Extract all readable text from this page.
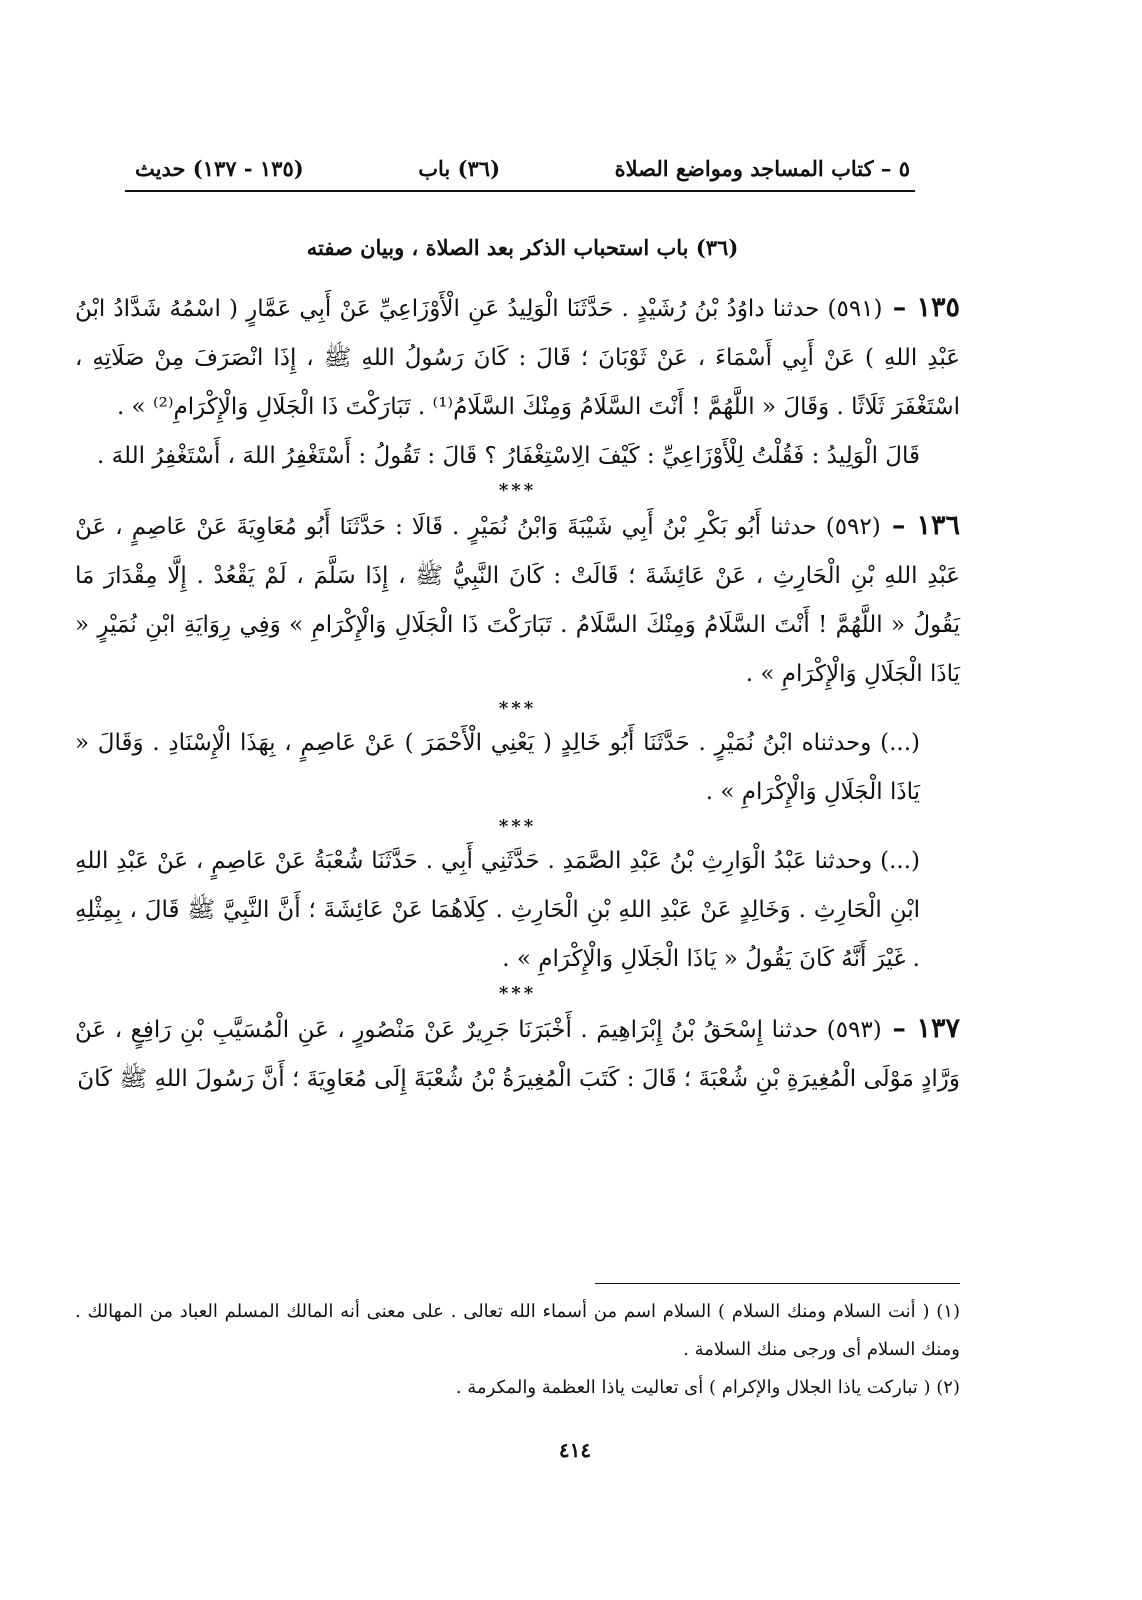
٥ – كتاب المساجد ومواضع الصلاة
(٣٦) باب
(١٣٥ - ١٣٧) حديث
(٣٦) باب استحباب الذكر بعد الصلاة ، وبيان صفته

١٣٥ – (٥٩١) حدثنا داوُدُ بْنُ رُشَيْدٍ . حَدَّثَنَا الْوَلِيدُ عَنِ الْأَوْزَاعِيِّ عَنْ أَبِي عَمَّارٍ ( اسْمُهُ شَدَّادُ ابْنُ عَبْدِ اللهِ ) عَنْ أَبِي أَسْمَاءَ ، عَنْ ثَوْبَانَ ؛ قَالَ : كَانَ رَسُولُ اللهِ ﷺ ، إِذَا انْصَرَفَ مِنْ صَلَاتِهِ ، اسْتَغْفَرَ ثَلَاثًا . وَقَالَ « اللَّهُمَّ ! أَنْتَ السَّلَامُ وَمِنْكَ السَّلَامُ⁽¹⁾ . تَبَارَكْتَ ذَا الْجَلَالِ وَالْإِكْرَامِ⁽²⁾ » .

قَالَ الْوَلِيدُ : فَقُلْتُ لِلْأَوْزَاعِيِّ : كَيْفَ الِاسْتِغْفَارُ ؟ قَالَ : تَقُولُ : أَسْتَغْفِرُ اللهَ ، أَسْتَغْفِرُ اللهَ .

***

١٣٦ – (٥٩٢) حدثنا أَبُو بَكْرِ بْنُ أَبِي شَيْبَةَ وَابْنُ نُمَيْرٍ . قَالَا : حَدَّثَنَا أَبُو مُعَاوِيَةَ عَنْ عَاصِمٍ ، عَنْ عَبْدِ اللهِ بْنِ الْحَارِثِ ، عَنْ عَائِشَةَ ؛ قَالَتْ : كَانَ النَّبِيُّ ﷺ ، إِذَا سَلَّمَ ، لَمْ يَقْعُدْ . إِلَّا مِقْدَارَ مَا يَقُولُ « اللَّهُمَّ ! أَنْتَ السَّلَامُ وَمِنْكَ السَّلَامُ . تَبَارَكْتَ ذَا الْجَلَالِ وَالْإِكْرَامِ » وَفِي رِوَايَةِ ابْنِ نُمَيْرٍ « يَاذَا الْجَلَالِ وَالْإِكْرَامِ » .

***

(...) وحدثناه ابْنُ نُمَيْرٍ . حَدَّثَنَا أَبُو خَالِدٍ ( يَعْنِي الْأَحْمَرَ ) عَنْ عَاصِمٍ ، بِهَذَا الْإِسْنَادِ . وَقَالَ « يَاذَا الْجَلَالِ وَالْإِكْرَامِ » .

***

(...) وحدثنا عَبْدُ الْوَارِثِ بْنُ عَبْدِ الصَّمَدِ . حَدَّثَنِي أَبِي . حَدَّثَنَا شُعْبَةُ عَنْ عَاصِمٍ ، عَنْ عَبْدِ اللهِ ابْنِ الْحَارِثِ . وَخَالِدٍ عَنْ عَبْدِ اللهِ بْنِ الْحَارِثِ . كِلَاهُمَا عَنْ عَائِشَةَ ؛ أَنَّ النَّبِيَّ ﷺ قَالَ ، بِمِثْلِهِ . غَيْرَ أَنَّهُ كَانَ يَقُولُ « يَاذَا الْجَلَالِ وَالْإِكْرَامِ » .

***

١٣٧ – (٥٩٣) حدثنا إِسْحَقُ بْنُ إِبْرَاهِيمَ . أَخْبَرَنَا جَرِيرٌ عَنْ مَنْصُورٍ ، عَنِ الْمُسَيَّبِ بْنِ رَافِعٍ ، عَنْ وَرَّادٍ مَوْلَى الْمُغِيرَةِ بْنِ شُعْبَةَ ؛ قَالَ : كَتَبَ الْمُغِيرَةُ بْنُ شُعْبَةَ إِلَى مُعَاوِيَةَ ؛ أَنَّ رَسُولَ اللهِ ﷺ كَانَ

(١) ( أنت السلام ومنك السلام ) السلام اسم من أسماء الله تعالى . على معنى أنه المالك المسلم العباد من المهالك . ومنك السلام أى ورجى منك السلامة .

(٢) ( تباركت ياذا الجلال والإكرام ) أى تعاليت ياذا العظمة والمكرمة .

٤١٤
